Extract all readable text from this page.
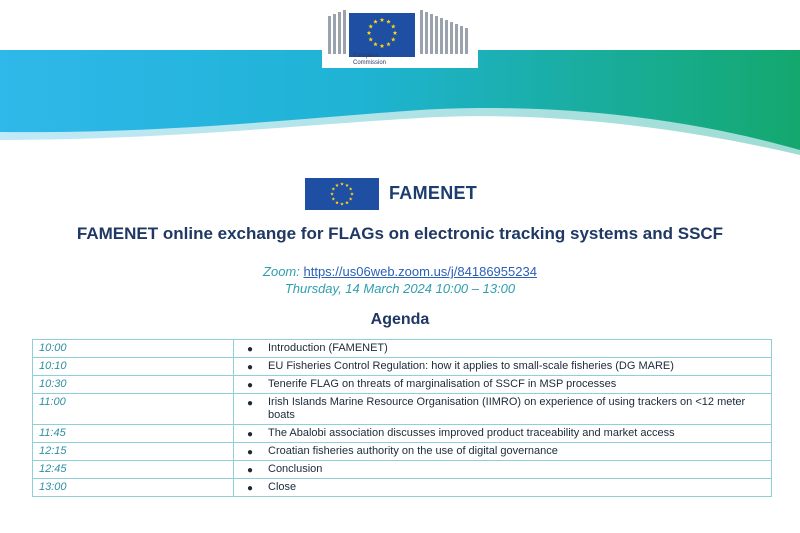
European
Commission
FAMENET
FAMENET online exchange for FLAGs on electronic tracking systems and SSCF
Zoom: https://us06web.zoom.us/j/84186955234
Thursday, 14 March 2024 10:00 – 13:00
Agenda
10:00	● Introduction (FAMENET)
10:10	● EU Fisheries Control Regulation: how it applies to small-scale fisheries (DG MARE)
10:30	● Tenerife FLAG on threats of marginalisation of SSCF in MSP processes
11:00	● Irish Islands Marine Resource Organisation (IIMRO) on experience of using trackers on <12 meter boats
11:45	● The Abalobi association discusses improved product traceability and market access
12:15	● Croatian fisheries authority on the use of digital governance
12:45	● Conclusion
13:00	● Close
